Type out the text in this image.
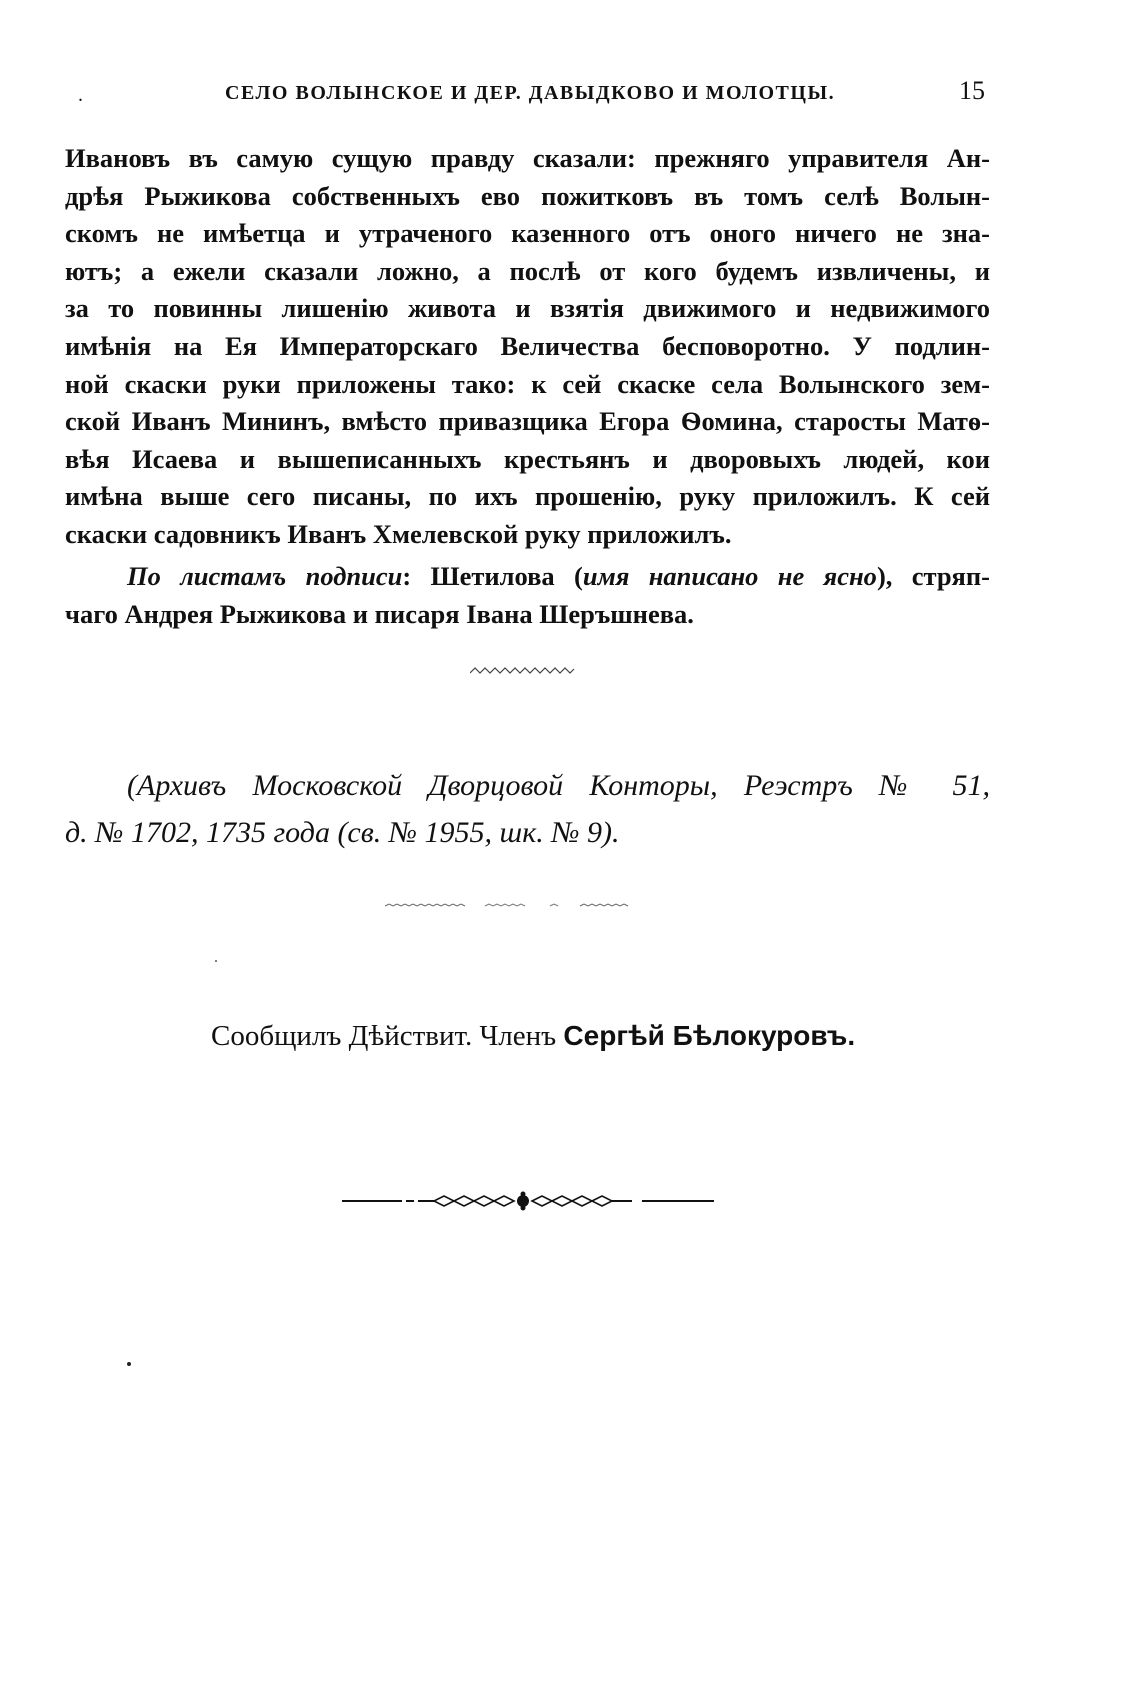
.	СЕЛО ВОЛЫНСКОЕ И ДЕР. ДАВЫДКОВО И МОЛОТЦЫ.	15
Ивановъ въ самую сущую правду сказали: прежняго управителя Ан-
дрѣя Рыжикова собственныхъ ево пожитковъ въ томъ селѣ Волын-
скомъ не имѣетца и утраченого казенного отъ оного ничего не зна-
ютъ; а ежели сказали ложно, а послѣ от кого будемъ извличены, и
за то повинны лишенію живота и взятія движимого и недвижимого
имѣнія на Ея Императорскаго Величества бесповоротно. У подлин-
ной скаски руки приложены тако: к сей скаске села Волынского зем-
ской Иванъ Мининъ, вмѣсто привазщика Егора Ѳомина, старосты Матѳ-
вѣя Исаева и вышеписанныхъ крестьянъ и дворовыхъ людей, кои
имѣна выше сего писаны, по ихъ прошенію, руку приложилъ. К сей
скаски садовникъ Иванъ Хмелевской руку приложилъ.
По листамъ подписи: Шетилова (имя написано не ясно), стряп-
чаго Андрея Рыжикова и писаря Івана Шеръшнева.
(Архивъ Московской Дворцовой Конторы, Реэстръ № 51,
д. № 1702, 1735 года (св. № 1955, шк. № 9).
Сообщилъ Дѣйствит. Членъ Сергѣй Бѣлокуровъ.
